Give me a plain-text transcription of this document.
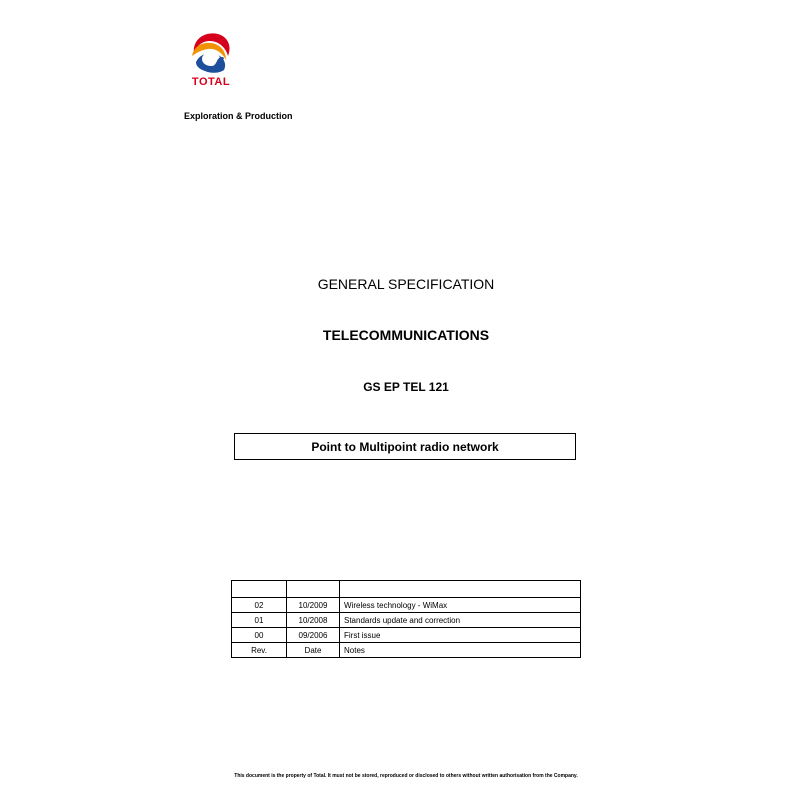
TOTAL
Exploration & Production
GENERAL SPECIFICATION
TELECOMMUNICATIONS
GS EP TEL 121
Point to Multipoint radio network

02	10/2009	Wireless technology - WiMax
01	10/2008	Standards update and correction
00	09/2006	First issue
Rev.	Date	Notes
This document is the property of Total. It must not be stored, reproduced or disclosed to others without written authorisation from the Company.
